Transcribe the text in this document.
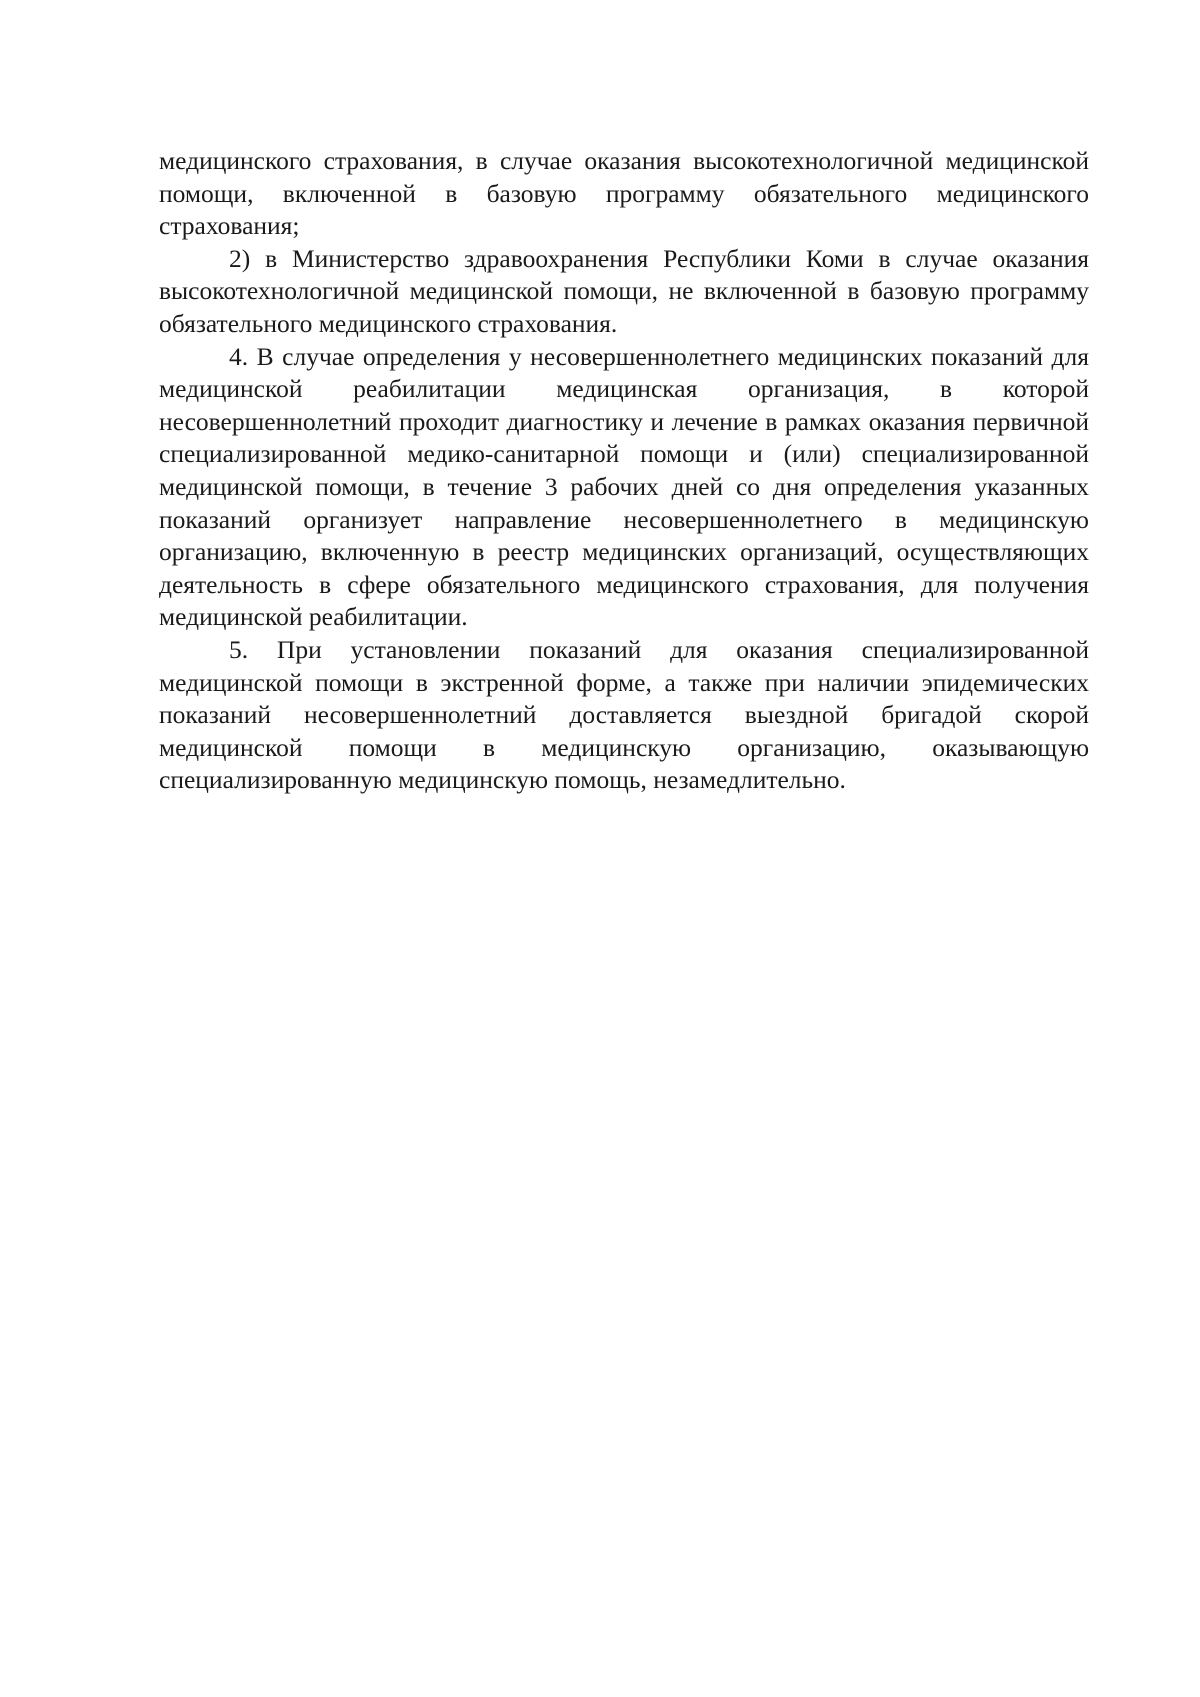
медицинского страхования, в случае оказания высокотехнологичной медицинской помощи, включенной в базовую программу обязательного медицинского страхования;

2) в Министерство здравоохранения Республики Коми в случае оказания высокотехнологичной медицинской помощи, не включенной в базовую программу обязательного медицинского страхования.

4. В случае определения у несовершеннолетнего медицинских показаний для медицинской реабилитации медицинская организация, в которой несовершеннолетний проходит диагностику и лечение в рамках оказания первичной специализированной медико-санитарной помощи и (или) специализированной медицинской помощи, в течение 3 рабочих дней со дня определения указанных показаний организует направление несовершеннолетнего в медицинскую организацию, включенную в реестр медицинских организаций, осуществляющих деятельность в сфере обязательного медицинского страхования, для получения медицинской реабилитации.

5. При установлении показаний для оказания специализированной медицинской помощи в экстренной форме, а также при наличии эпидемических показаний несовершеннолетний доставляется выездной бригадой скорой медицинской помощи в медицинскую организацию, оказывающую специализированную медицинскую помощь, незамедлительно.
